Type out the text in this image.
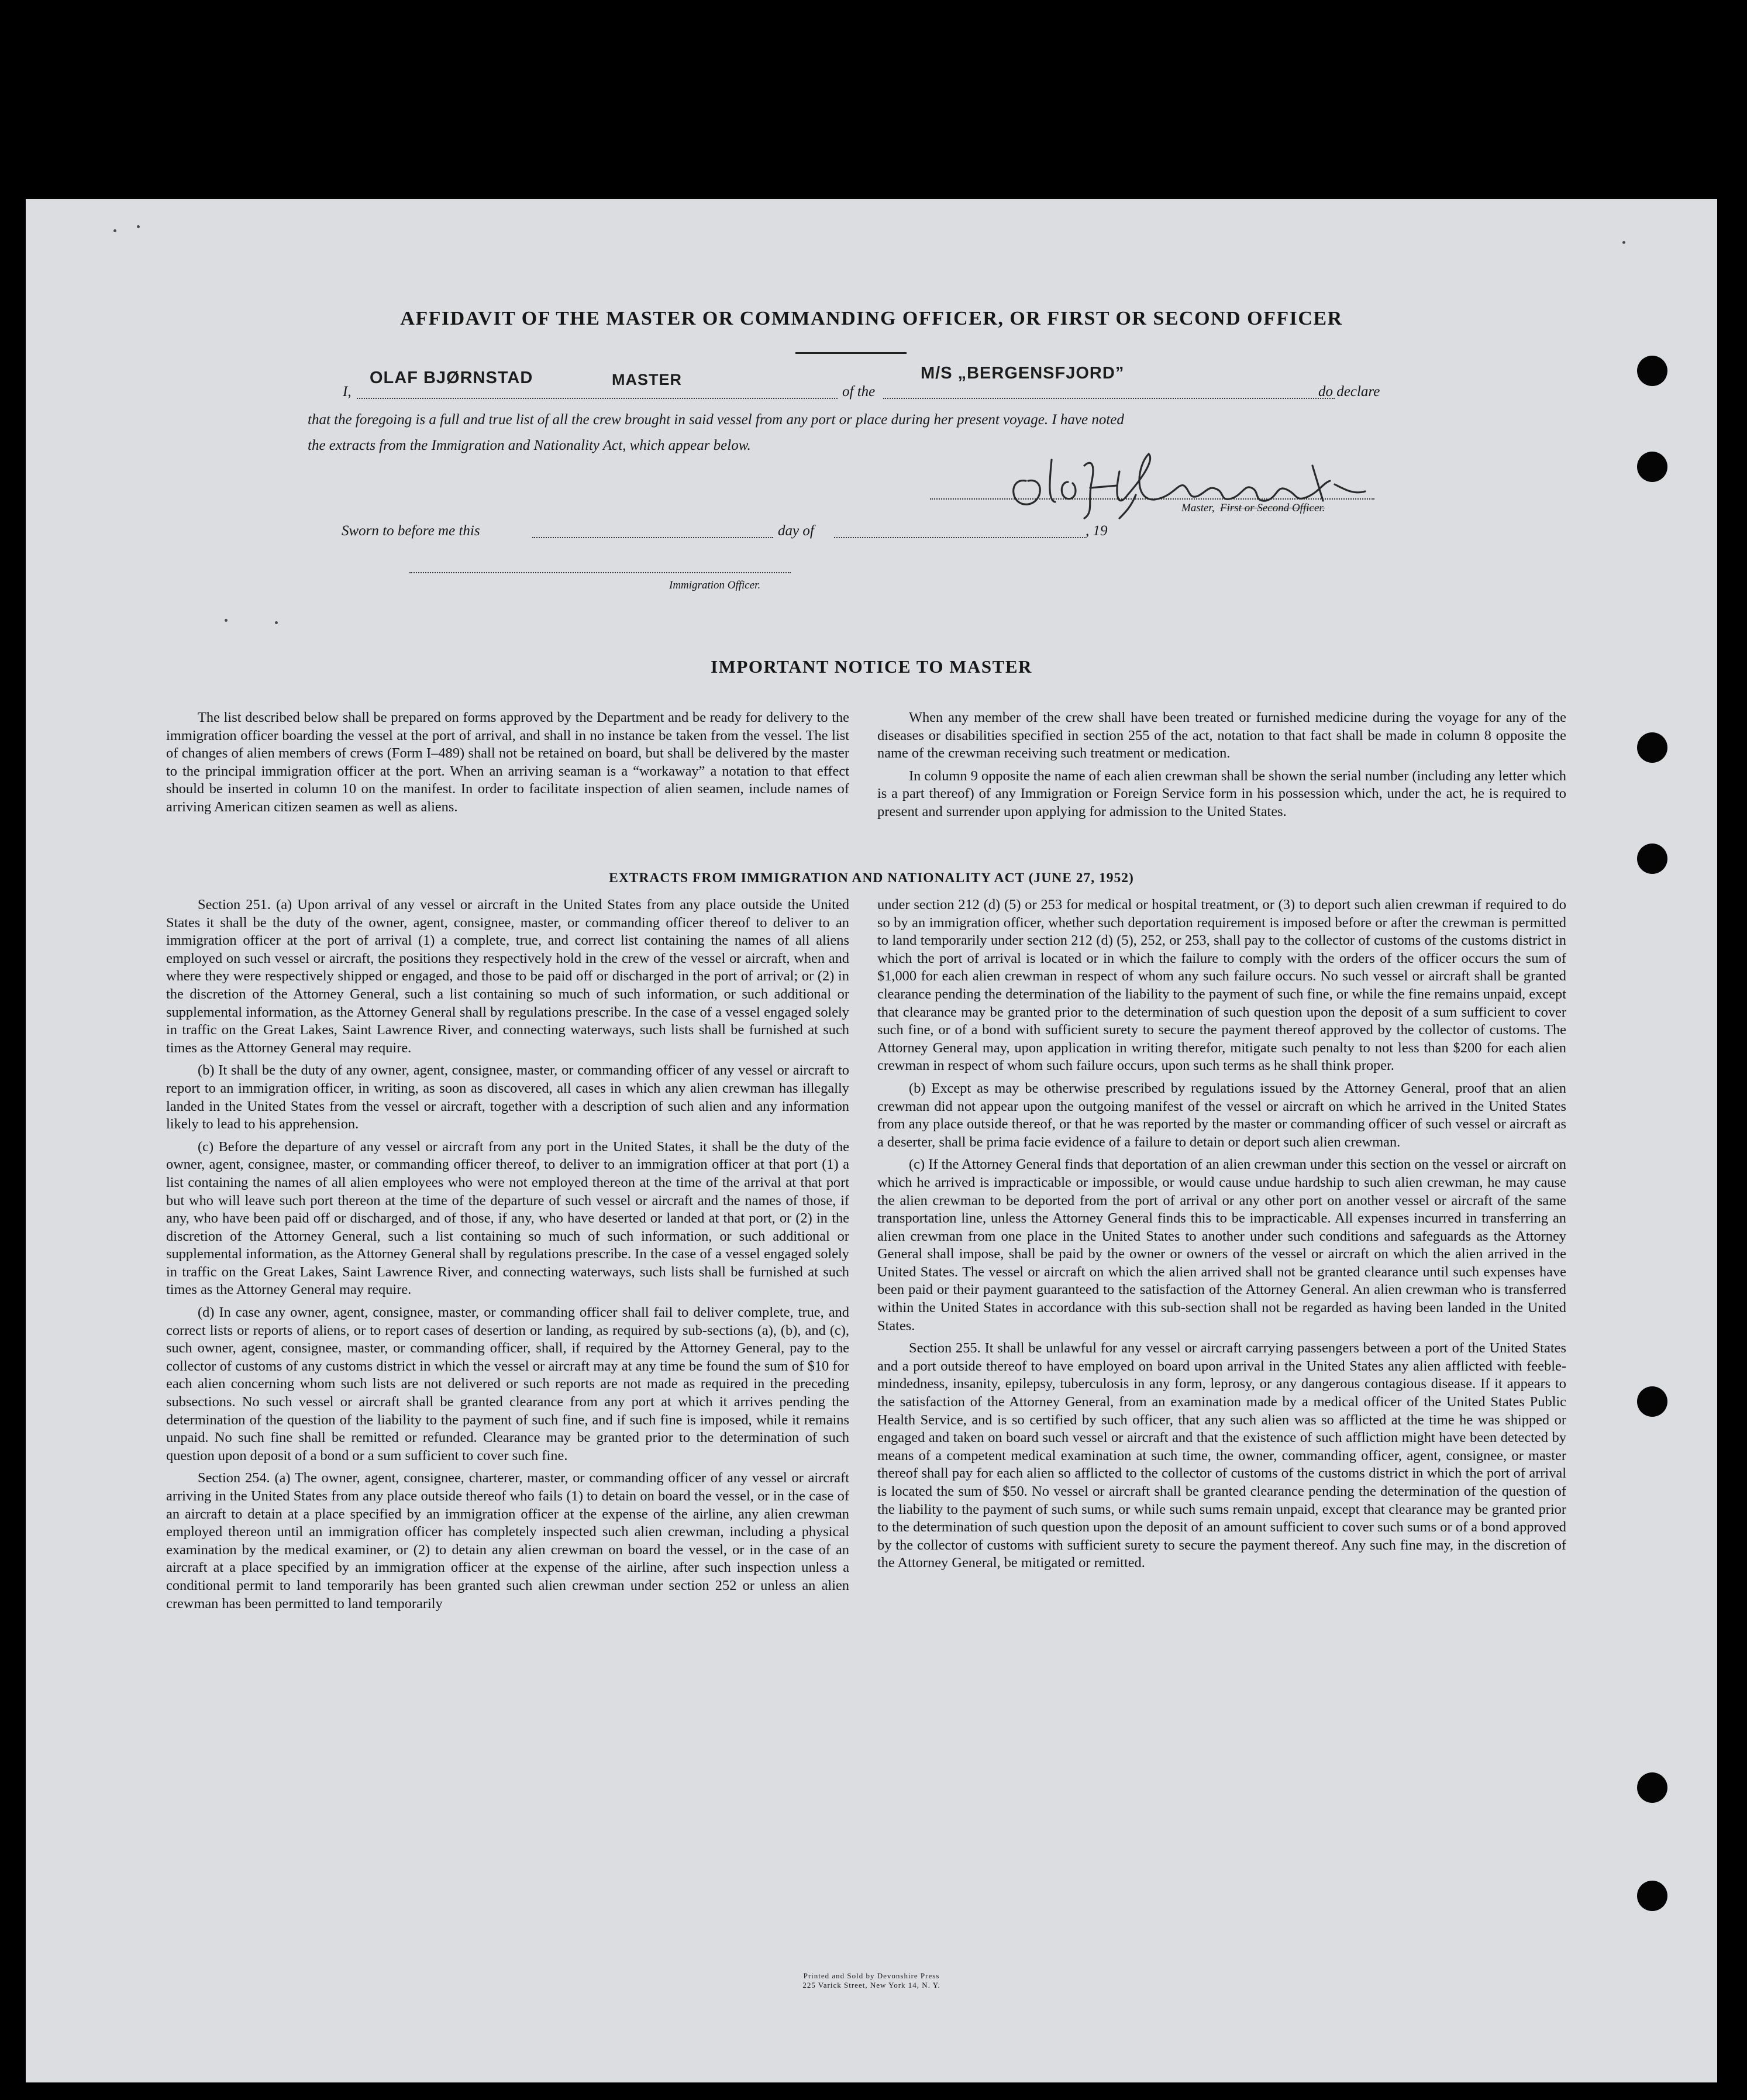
AFFIDAVIT OF THE MASTER OR COMMANDING OFFICER, OR FIRST OR SECOND OFFICER
I,
OLAF BJØRNSTAD	MASTER
of the
M/S „BERGENSFJORD”
do declare
that the foregoing is a full and true list of all the crew brought in said vessel from any port or place during her present voyage. I have noted
the extracts from the Immigration and Nationality Act, which appear below.
Master, First or Second Officer.
Sworn to before me this	day of	, 19
Immigration Officer.
IMPORTANT NOTICE TO MASTER

The list described below shall be prepared on forms approved by the Department and be ready for delivery to the immigration officer boarding the vessel at the port of arrival, and shall in no instance be taken from the vessel. The list of changes of alien members of crews (Form I–489) shall not be retained on board, but shall be delivered by the master to the principal immigration officer at the port. When an arriving seaman is a “workaway” a notation to that effect should be inserted in column 10 on the manifest. In order to facilitate inspection of alien seamen, include names of arriving American citizen seamen as well as aliens.

When any member of the crew shall have been treated or furnished medicine during the voyage for any of the diseases or disabilities specified in section 255 of the act, notation to that fact shall be made in column 8 opposite the name of the crewman receiving such treatment or medication.

In column 9 opposite the name of each alien crewman shall be shown the serial number (including any letter which is a part thereof) of any Immigration or Foreign Service form in his possession which, under the act, he is required to present and surrender upon applying for admission to the United States.

EXTRACTS FROM IMMIGRATION AND NATIONALITY ACT (JUNE 27, 1952)

Section 251. (a) Upon arrival of any vessel or aircraft in the United States from any place outside the United States it shall be the duty of the owner, agent, consignee, master, or commanding officer thereof to deliver to an immigration officer at the port of arrival (1) a complete, true, and correct list containing the names of all aliens employed on such vessel or aircraft, the positions they respectively hold in the crew of the vessel or aircraft, when and where they were respectively shipped or engaged, and those to be paid off or discharged in the port of arrival; or (2) in the discretion of the Attorney General, such a list containing so much of such information, or such additional or supplemental information, as the Attorney General shall by regulations prescribe. In the case of a vessel engaged solely in traffic on the Great Lakes, Saint Lawrence River, and connecting waterways, such lists shall be furnished at such times as the Attorney General may require.

(b) It shall be the duty of any owner, agent, consignee, master, or commanding officer of any vessel or aircraft to report to an immigration officer, in writing, as soon as discovered, all cases in which any alien crewman has illegally landed in the United States from the vessel or aircraft, together with a description of such alien and any information likely to lead to his apprehension.

(c) Before the departure of any vessel or aircraft from any port in the United States, it shall be the duty of the owner, agent, consignee, master, or commanding officer thereof, to deliver to an immigration officer at that port (1) a list containing the names of all alien employees who were not employed thereon at the time of the arrival at that port but who will leave such port thereon at the time of the departure of such vessel or aircraft and the names of those, if any, who have been paid off or discharged, and of those, if any, who have deserted or landed at that port, or (2) in the discretion of the Attorney General, such a list containing so much of such information, or such additional or supplemental information, as the Attorney General shall by regulations prescribe. In the case of a vessel engaged solely in traffic on the Great Lakes, Saint Lawrence River, and connecting waterways, such lists shall be furnished at such times as the Attorney General may require.

(d) In case any owner, agent, consignee, master, or commanding officer shall fail to deliver complete, true, and correct lists or reports of aliens, or to report cases of desertion or landing, as required by sub-sections (a), (b), and (c), such owner, agent, consignee, master, or commanding officer, shall, if required by the Attorney General, pay to the collector of customs of any customs district in which the vessel or aircraft may at any time be found the sum of $10 for each alien concerning whom such lists are not delivered or such reports are not made as required in the preceding subsections. No such vessel or aircraft shall be granted clearance from any port at which it arrives pending the determination of the question of the liability to the payment of such fine, and if such fine is imposed, while it remains unpaid. No such fine shall be remitted or refunded. Clearance may be granted prior to the determination of such question upon deposit of a bond or a sum sufficient to cover such fine.

Section 254. (a) The owner, agent, consignee, charterer, master, or commanding officer of any vessel or aircraft arriving in the United States from any place outside thereof who fails (1) to detain on board the vessel, or in the case of an aircraft to detain at a place specified by an immigration officer at the expense of the airline, any alien crewman employed thereon until an immigration officer has completely inspected such alien crewman, including a physical examination by the medical examiner, or (2) to detain any alien crewman on board the vessel, or in the case of an aircraft at a place specified by an immigration officer at the expense of the airline, after such inspection unless a conditional permit to land temporarily has been granted such alien crewman under section 252 or unless an alien crewman has been permitted to land temporarily

under section 212 (d) (5) or 253 for medical or hospital treatment, or (3) to deport such alien crewman if required to do so by an immigration officer, whether such deportation requirement is imposed before or after the crewman is permitted to land temporarily under section 212 (d) (5), 252, or 253, shall pay to the collector of customs of the customs district in which the port of arrival is located or in which the failure to comply with the orders of the officer occurs the sum of $1,000 for each alien crewman in respect of whom any such failure occurs. No such vessel or aircraft shall be granted clearance pending the determination of the liability to the payment of such fine, or while the fine remains unpaid, except that clearance may be granted prior to the determination of such question upon the deposit of a sum sufficient to cover such fine, or of a bond with sufficient surety to secure the payment thereof approved by the collector of customs. The Attorney General may, upon application in writing therefor, mitigate such penalty to not less than $200 for each alien crewman in respect of whom such failure occurs, upon such terms as he shall think proper.

(b) Except as may be otherwise prescribed by regulations issued by the Attorney General, proof that an alien crewman did not appear upon the outgoing manifest of the vessel or aircraft on which he arrived in the United States from any place outside thereof, or that he was reported by the master or commanding officer of such vessel or aircraft as a deserter, shall be prima facie evidence of a failure to detain or deport such alien crewman.

(c) If the Attorney General finds that deportation of an alien crewman under this section on the vessel or aircraft on which he arrived is impracticable or impossible, or would cause undue hardship to such alien crewman, he may cause the alien crewman to be deported from the port of arrival or any other port on another vessel or aircraft of the same transportation line, unless the Attorney General finds this to be impracticable. All expenses incurred in transferring an alien crewman from one place in the United States to another under such conditions and safeguards as the Attorney General shall impose, shall be paid by the owner or owners of the vessel or aircraft on which the alien arrived in the United States. The vessel or aircraft on which the alien arrived shall not be granted clearance until such expenses have been paid or their payment guaranteed to the satisfaction of the Attorney General. An alien crewman who is transferred within the United States in accordance with this sub-section shall not be regarded as having been landed in the United States.

Section 255. It shall be unlawful for any vessel or aircraft carrying passengers between a port of the United States and a port outside thereof to have employed on board upon arrival in the United States any alien afflicted with feeble-mindedness, insanity, epilepsy, tuberculosis in any form, leprosy, or any dangerous contagious disease. If it appears to the satisfaction of the Attorney General, from an examination made by a medical officer of the United States Public Health Service, and is so certified by such officer, that any such alien was so afflicted at the time he was shipped or engaged and taken on board such vessel or aircraft and that the existence of such affliction might have been detected by means of a competent medical examination at such time, the owner, commanding officer, agent, consignee, or master thereof shall pay for each alien so afflicted to the collector of customs of the customs district in which the port of arrival is located the sum of $50. No vessel or aircraft shall be granted clearance pending the determination of the question of the liability to the payment of such sums, or while such sums remain unpaid, except that clearance may be granted prior to the determination of such question upon the deposit of an amount sufficient to cover such sums or of a bond approved by the collector of customs with sufficient surety to secure the payment thereof. Any such fine may, in the discretion of the Attorney General, be mitigated or remitted.

Printed and Sold by Devonshire Press
225 Varick Street, New York 14, N. Y.
